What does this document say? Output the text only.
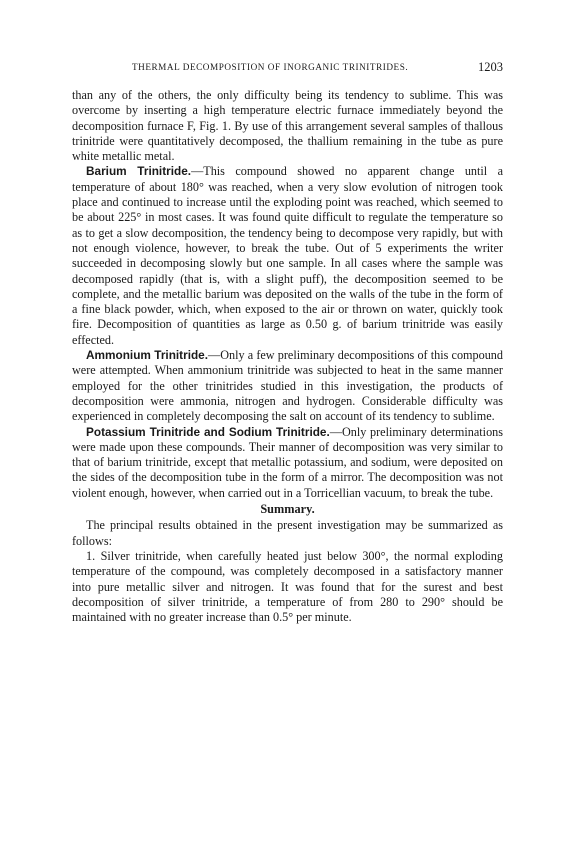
THERMAL DECOMPOSITION OF INORGANIC TRINITRIDES.	1203

than any of the others, the only difficulty being its tendency to sublime. This was overcome by inserting a high temperature electric furnace immediately beyond the decomposition furnace F, Fig. 1. By use of this arrangement several samples of thallous trinitride were quantitatively decomposed, the thallium remaining in the tube as pure white metallic metal.

Barium Trinitride.—This compound showed no apparent change until a temperature of about 180° was reached, when a very slow evolution of nitrogen took place and continued to increase until the exploding point was reached, which seemed to be about 225° in most cases. It was found quite difficult to regulate the temperature so as to get a slow decomposition, the tendency being to decompose very rapidly, but with not enough violence, however, to break the tube. Out of 5 experiments the writer succeeded in decomposing slowly but one sample. In all cases where the sample was decomposed rapidly (that is, with a slight puff), the decomposition seemed to be complete, and the metallic barium was deposited on the walls of the tube in the form of a fine black powder, which, when exposed to the air or thrown on water, quickly took fire. Decomposition of quantities as large as 0.50 g. of barium trinitride was easily effected.

Ammonium Trinitride.—Only a few preliminary decompositions of this compound were attempted. When ammonium trinitride was subjected to heat in the same manner employed for the other trinitrides studied in this investigation, the products of decomposition were ammonia, nitrogen and hydrogen. Considerable difficulty was experienced in completely decomposing the salt on account of its tendency to sublime.

Potassium Trinitride and Sodium Trinitride.—Only preliminary determinations were made upon these compounds. Their manner of decomposition was very similar to that of barium trinitride, except that metallic potassium, and sodium, were deposited on the sides of the decomposition tube in the form of a mirror. The decomposition was not violent enough, however, when carried out in a Torricellian vacuum, to break the tube.

Summary.

The principal results obtained in the present investigation may be summarized as follows:

1. Silver trinitride, when carefully heated just below 300°, the normal exploding temperature of the compound, was completely decomposed in a satisfactory manner into pure metallic silver and nitrogen. It was found that for the surest and best decomposition of silver trinitride, a temperature of from 280 to 290° should be maintained with no greater increase than 0.5° per minute.
